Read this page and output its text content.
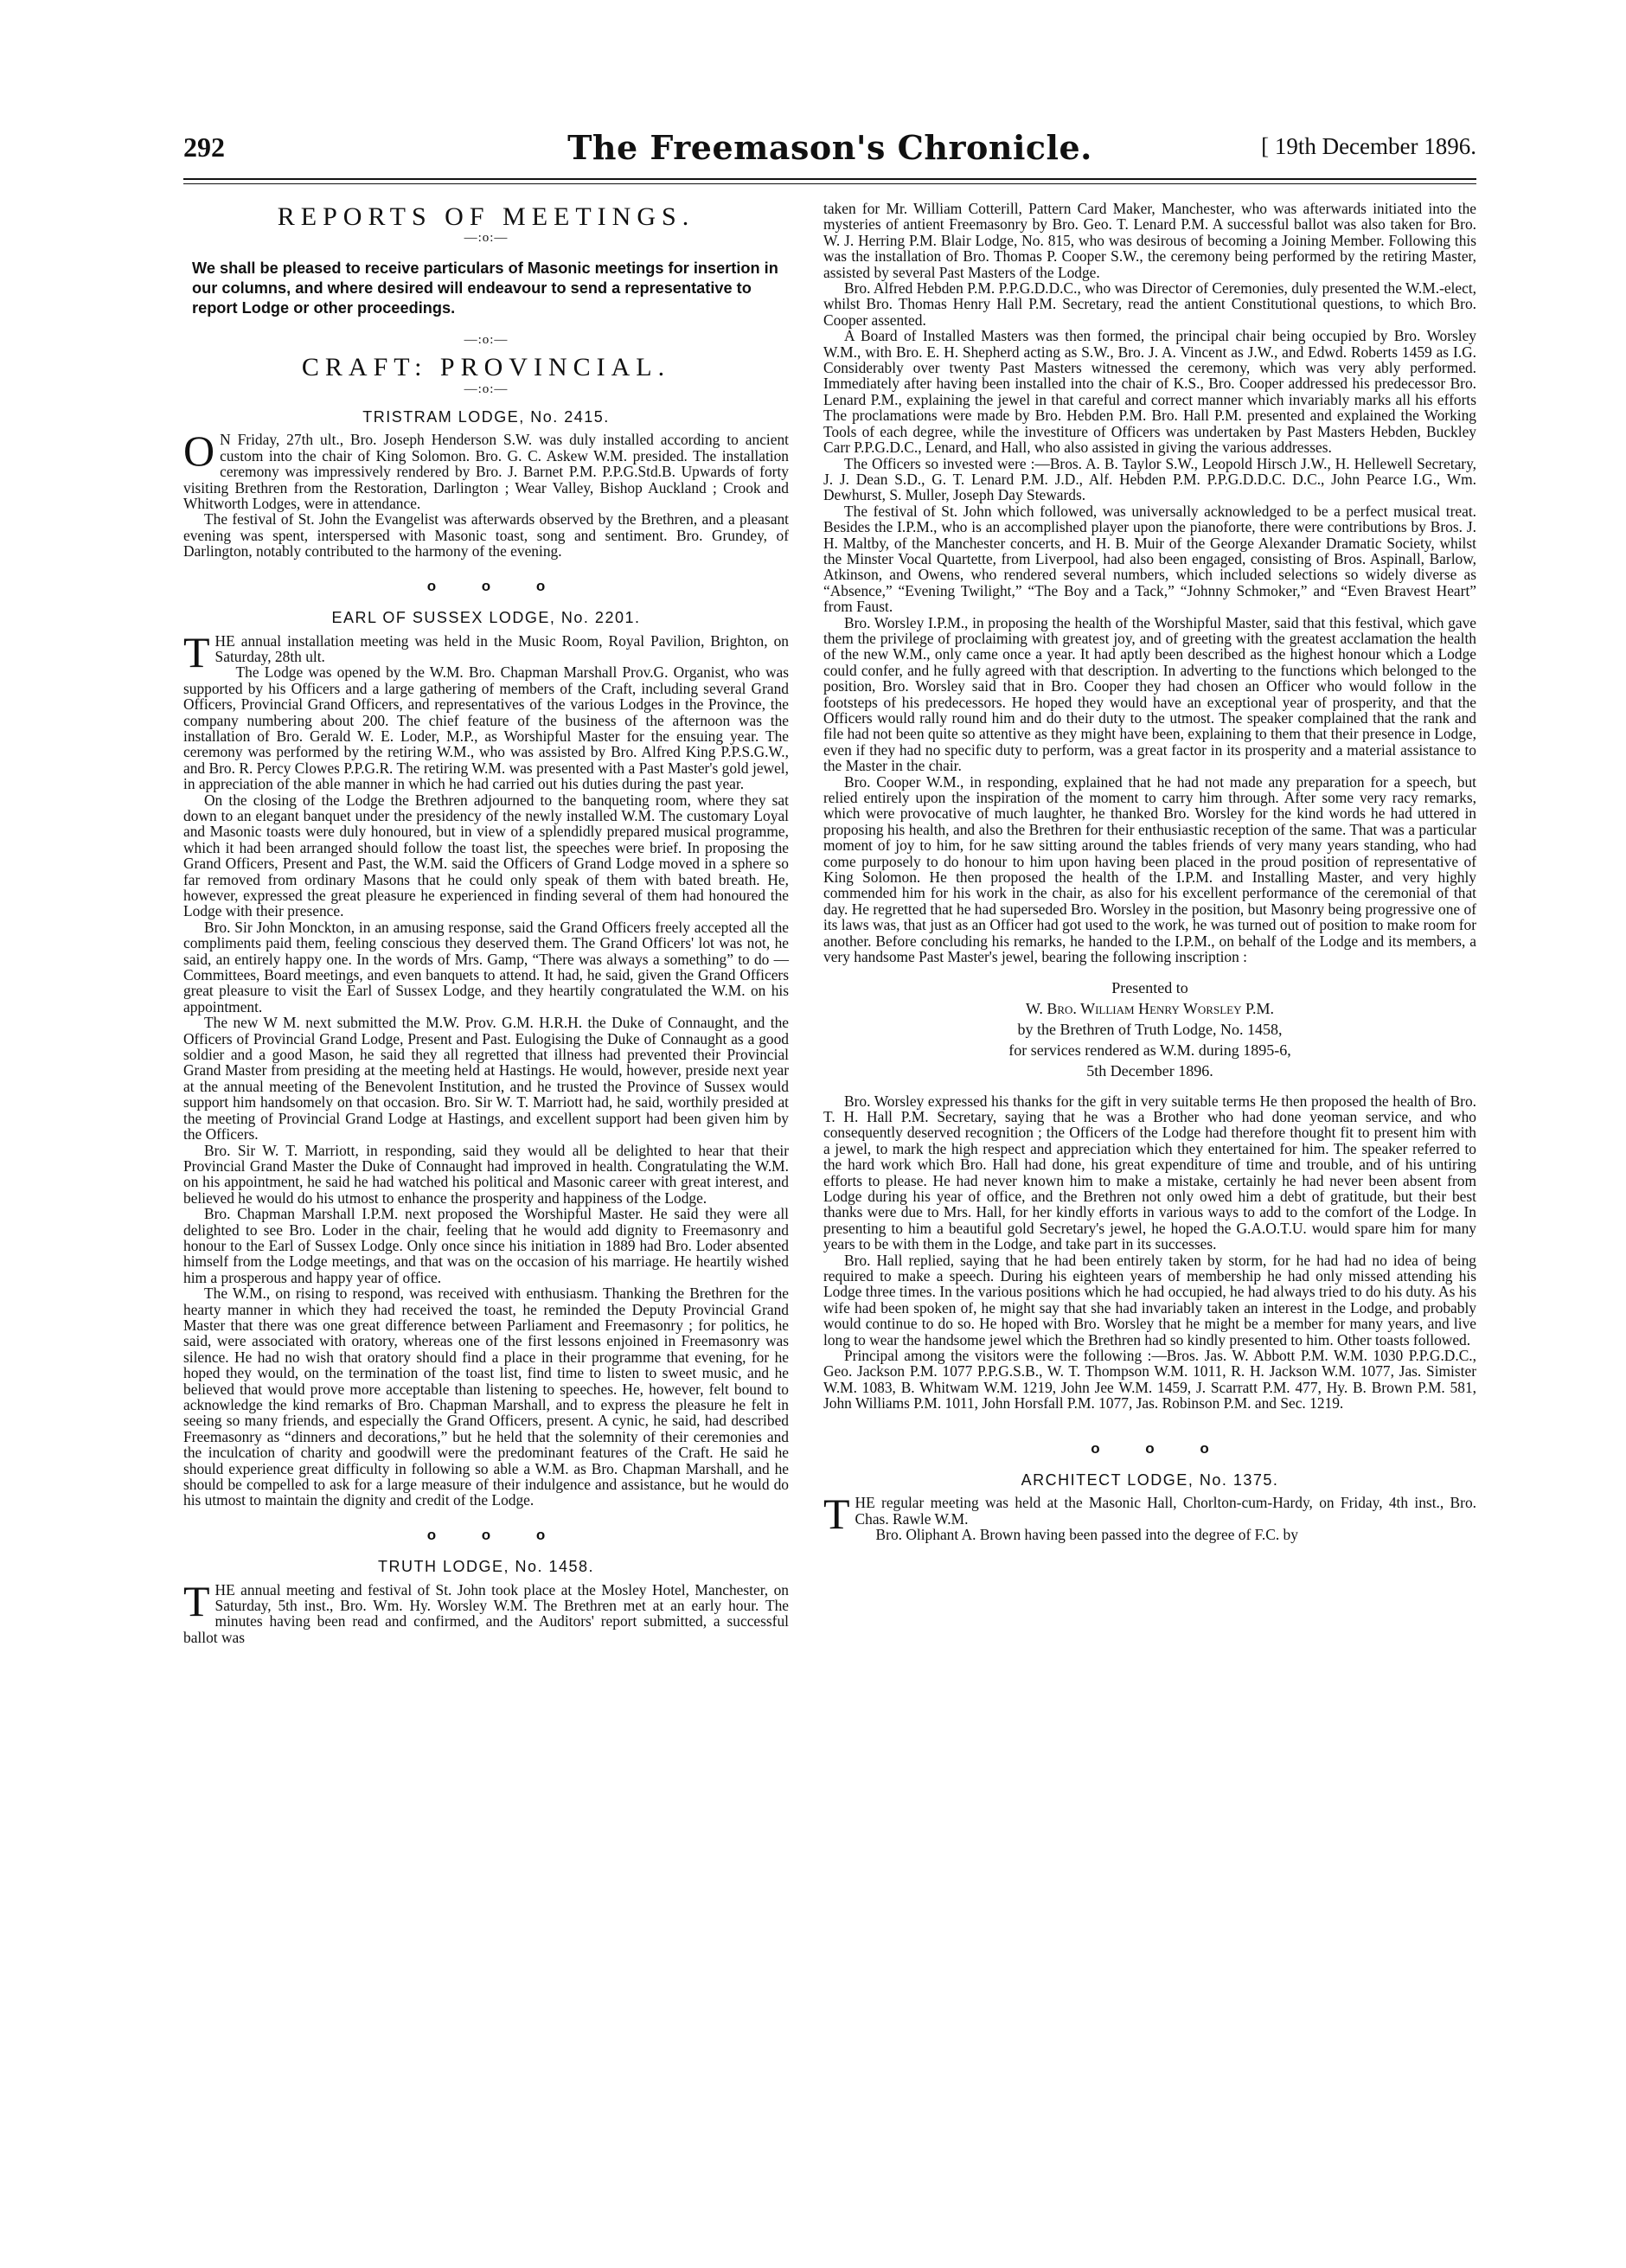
292	The Freemason's Chronicle.	[ 19th December 1896.
REPORTS OF MEETINGS.
—:o:—
We shall be pleased to receive particulars of Masonic meetings for insertion in our columns, and where desired will endeavour to send a representative to report Lodge or other proceedings.
—:o:—
CRAFT: PROVINCIAL.
—:o:—
TRISTRAM LODGE, No. 2415.

O N Friday, 27th ult., Bro. Joseph Henderson S.W. was duly installed according to ancient custom into the chair of King Solomon. Bro. G. C. Askew W.M. presided. The installation ceremony was impressively rendered by Bro. J. Barnet P.M. P.P.G.Std.B. Upwards of forty visiting Brethren from the Restoration, Darlington ; Wear Valley, Bishop Auckland ; Crook and Whitworth Lodges, were in attendance.

The festival of St. John the Evangelist was afterwards observed by the Brethren, and a pleasant evening was spent, interspersed with Masonic toast, song and sentiment. Bro. Grundey, of Darlington, notably contributed to the harmony of the evening.

o o o
EARL OF SUSSEX LODGE, No. 2201.

THE annual installation meeting was held in the Music Room, Royal Pavilion, Brighton, on Saturday, 28th ult.

The Lodge was opened by the W.M. Bro. Chapman Marshall Prov.G. Organist, who was supported by his Officers and a large gathering of members of the Craft, including several Grand Officers, Provincial Grand Officers, and representatives of the various Lodges in the Province, the company numbering about 200. The chief feature of the business of the afternoon was the installation of Bro. Gerald W. E. Loder, M.P., as Worshipful Master for the ensuing year. The ceremony was performed by the retiring W.M., who was assisted by Bro. Alfred King P.P.S.G.W., and Bro. R. Percy Clowes P.P.G.R. The retiring W.M. was presented with a Past Master's gold jewel, in appreciation of the able manner in which he had carried out his duties during the past year.

On the closing of the Lodge the Brethren adjourned to the banqueting room, where they sat down to an elegant banquet under the presidency of the newly installed W.M. The customary Loyal and Masonic toasts were duly honoured, but in view of a splendidly prepared musical programme, which it had been arranged should follow the toast list, the speeches were brief. In proposing the Grand Officers, Present and Past, the W.M. said the Officers of Grand Lodge moved in a sphere so far removed from ordinary Masons that he could only speak of them with bated breath. He, however, expressed the great pleasure he experienced in finding several of them had honoured the Lodge with their presence.

Bro. Sir John Monckton, in an amusing response, said the Grand Officers freely accepted all the compliments paid them, feeling conscious they deserved them. The Grand Officers' lot was not, he said, an entirely happy one. In the words of Mrs. Gamp, “There was always a something” to do —Committees, Board meetings, and even banquets to attend. It had, he said, given the Grand Officers great pleasure to visit the Earl of Sussex Lodge, and they heartily congratulated the W.M. on his appointment.

The new W M. next submitted the M.W. Prov. G.M. H.R.H. the Duke of Connaught, and the Officers of Provincial Grand Lodge, Present and Past. Eulogising the Duke of Connaught as a good soldier and a good Mason, he said they all regretted that illness had prevented their Provincial Grand Master from presiding at the meeting held at Hastings. He would, however, preside next year at the annual meeting of the Benevolent Institution, and he trusted the Province of Sussex would support him handsomely on that occasion. Bro. Sir W. T. Marriott had, he said, worthily presided at the meeting of Provincial Grand Lodge at Hastings, and excellent support had been given him by the Officers.

Bro. Sir W. T. Marriott, in responding, said they would all be delighted to hear that their Provincial Grand Master the Duke of Connaught had improved in health. Congratulating the W.M. on his appointment, he said he had watched his political and Masonic career with great interest, and believed he would do his utmost to enhance the prosperity and happiness of the Lodge.

Bro. Chapman Marshall I.P.M. next proposed the Worshipful Master. He said they were all delighted to see Bro. Loder in the chair, feeling that he would add dignity to Freemasonry and honour to the Earl of Sussex Lodge. Only once since his initiation in 1889 had Bro. Loder absented himself from the Lodge meetings, and that was on the occasion of his marriage. He heartily wished him a prosperous and happy year of office.

The W.M., on rising to respond, was received with enthusiasm. Thanking the Brethren for the hearty manner in which they had received the toast, he reminded the Deputy Provincial Grand Master that there was one great difference between Parliament and Freemasonry ; for politics, he said, were associated with oratory, whereas one of the first lessons enjoined in Freemasonry was silence. He had no wish that oratory should find a place in their programme that evening, for he hoped they would, on the termination of the toast list, find time to listen to sweet music, and he believed that would prove more acceptable than listening to speeches. He, however, felt bound to acknowledge the kind remarks of Bro. Chapman Marshall, and to express the pleasure he felt in seeing so many friends, and especially the Grand Officers, present. A cynic, he said, had described Freemasonry as “dinners and decorations,” but he held that the solemnity of their ceremonies and the inculcation of charity and goodwill were the predominant features of the Craft. He said he should experience great difficulty in following so able a W.M. as Bro. Chapman Marshall, and he should be compelled to ask for a large measure of their indulgence and assistance, but he would do his utmost to maintain the dignity and credit of the Lodge.

o o o
TRUTH LODGE, No. 1458.

THE annual meeting and festival of St. John took place at the Mosley Hotel, Manchester, on Saturday, 5th inst., Bro. Wm. Hy. Worsley W.M. The Brethren met at an early hour. The minutes having been read and confirmed, and the Auditors' report submitted, a successful ballot was

taken for Mr. William Cotterill, Pattern Card Maker, Manchester, who was afterwards initiated into the mysteries of antient Freemasonry by Bro. Geo. T. Lenard P.M. A successful ballot was also taken for Bro. W. J. Herring P.M. Blair Lodge, No. 815, who was desirous of becoming a Joining Member. Following this was the installation of Bro. Thomas P. Cooper S.W., the ceremony being performed by the retiring Master, assisted by several Past Masters of the Lodge.

Bro. Alfred Hebden P.M. P.P.G.D.D.C., who was Director of Ceremonies, duly presented the W.M.-elect, whilst Bro. Thomas Henry Hall P.M. Secretary, read the antient Constitutional questions, to which Bro. Cooper assented.

A Board of Installed Masters was then formed, the principal chair being occupied by Bro. Worsley W.M., with Bro. E. H. Shepherd acting as S.W., Bro. J. A. Vincent as J.W., and Edwd. Roberts 1459 as I.G. Considerably over twenty Past Masters witnessed the ceremony, which was very ably performed. Immediately after having been installed into the chair of K.S., Bro. Cooper addressed his predecessor Bro. Lenard P.M., explaining the jewel in that careful and correct manner which invariably marks all his efforts The proclamations were made by Bro. Hebden P.M. Bro. Hall P.M. presented and explained the Working Tools of each degree, while the investiture of Officers was undertaken by Past Masters Hebden, Buckley Carr P.P.G.D.C., Lenard, and Hall, who also assisted in giving the various addresses.

The Officers so invested were :—Bros. A. B. Taylor S.W., Leopold Hirsch J.W., H. Hellewell Secretary, J. J. Dean S.D., G. T. Lenard P.M. J.D., Alf. Hebden P.M. P.P.G.D.D.C. D.C., John Pearce I.G., Wm. Dewhurst, S. Muller, Joseph Day Stewards.

The festival of St. John which followed, was universally acknowledged to be a perfect musical treat. Besides the I.P.M., who is an accomplished player upon the pianoforte, there were contributions by Bros. J. H. Maltby, of the Manchester concerts, and H. B. Muir of the George Alexander Dramatic Society, whilst the Minster Vocal Quartette, from Liverpool, had also been engaged, consisting of Bros. Aspinall, Barlow, Atkinson, and Owens, who rendered several numbers, which included selections so widely diverse as “Absence,” “Evening Twilight,” “The Boy and a Tack,” “Johnny Schmoker,” and “Even Bravest Heart” from Faust.

Bro. Worsley I.P.M., in proposing the health of the Worshipful Master, said that this festival, which gave them the privilege of proclaiming with greatest joy, and of greeting with the greatest acclamation the health of the new W.M., only came once a year. It had aptly been described as the highest honour which a Lodge could confer, and he fully agreed with that description. In adverting to the functions which belonged to the position, Bro. Worsley said that in Bro. Cooper they had chosen an Officer who would follow in the footsteps of his predecessors. He hoped they would have an exceptional year of prosperity, and that the Officers would rally round him and do their duty to the utmost. The speaker complained that the rank and file had not been quite so attentive as they might have been, explaining to them that their presence in Lodge, even if they had no specific duty to perform, was a great factor in its prosperity and a material assistance to the Master in the chair.

Bro. Cooper W.M., in responding, explained that he had not made any preparation for a speech, but relied entirely upon the inspiration of the moment to carry him through. After some very racy remarks, which were provocative of much laughter, he thanked Bro. Worsley for the kind words he had uttered in proposing his health, and also the Brethren for their enthusiastic reception of the same. That was a particular moment of joy to him, for he saw sitting around the tables friends of very many years standing, who had come purposely to do honour to him upon having been placed in the proud position of representative of King Solomon. He then proposed the health of the I.P.M. and Installing Master, and very highly commended him for his work in the chair, as also for his excellent performance of the ceremonial of that day. He regretted that he had superseded Bro. Worsley in the position, but Masonry being progressive one of its laws was, that just as an Officer had got used to the work, he was turned out of position to make room for another. Before concluding his remarks, he handed to the I.P.M., on behalf of the Lodge and its members, a very handsome Past Master's jewel, bearing the following inscription :

Presented to
W. Bro. William Henry Worsley P.M.
by the Brethren of Truth Lodge, No. 1458,
for services rendered as W.M. during 1895-6,
5th December 1896.

Bro. Worsley expressed his thanks for the gift in very suitable terms He then proposed the health of Bro. T. H. Hall P.M. Secretary, saying that he was a Brother who had done yeoman service, and who consequently deserved recognition ; the Officers of the Lodge had therefore thought fit to present him with a jewel, to mark the high respect and appreciation which they entertained for him. The speaker referred to the hard work which Bro. Hall had done, his great expenditure of time and trouble, and of his untiring efforts to please. He had never known him to make a mistake, certainly he had never been absent from Lodge during his year of office, and the Brethren not only owed him a debt of gratitude, but their best thanks were due to Mrs. Hall, for her kindly efforts in various ways to add to the comfort of the Lodge. In presenting to him a beautiful gold Secretary's jewel, he hoped the G.A.O.T.U. would spare him for many years to be with them in the Lodge, and take part in its successes.

Bro. Hall replied, saying that he had been entirely taken by storm, for he had had no idea of being required to make a speech. During his eighteen years of membership he had only missed attending his Lodge three times. In the various positions which he had occupied, he had always tried to do his duty. As his wife had been spoken of, he might say that she had invariably taken an interest in the Lodge, and probably would continue to do so. He hoped with Bro. Worsley that he might be a member for many years, and live long to wear the handsome jewel which the Brethren had so kindly presented to him. Other toasts followed.

Principal among the visitors were the following :—Bros. Jas. W. Abbott P.M. W.M. 1030 P.P.G.D.C., Geo. Jackson P.M. 1077 P.P.G.S.B., W. T. Thompson W.M. 1011, R. H. Jackson W.M. 1077, Jas. Simister W.M. 1083, B. Whitwam W.M. 1219, John Jee W.M. 1459, J. Scarratt P.M. 477, Hy. B. Brown P.M. 581, John Williams P.M. 1011, John Horsfall P.M. 1077, Jas. Robinson P.M. and Sec. 1219.

o o o
ARCHITECT LODGE, No. 1375.

THE regular meeting was held at the Masonic Hall, Chorlton-cum-Hardy, on Friday, 4th inst., Bro. Chas. Rawle W.M.

Bro. Oliphant A. Brown having been passed into the degree of F.C. by
